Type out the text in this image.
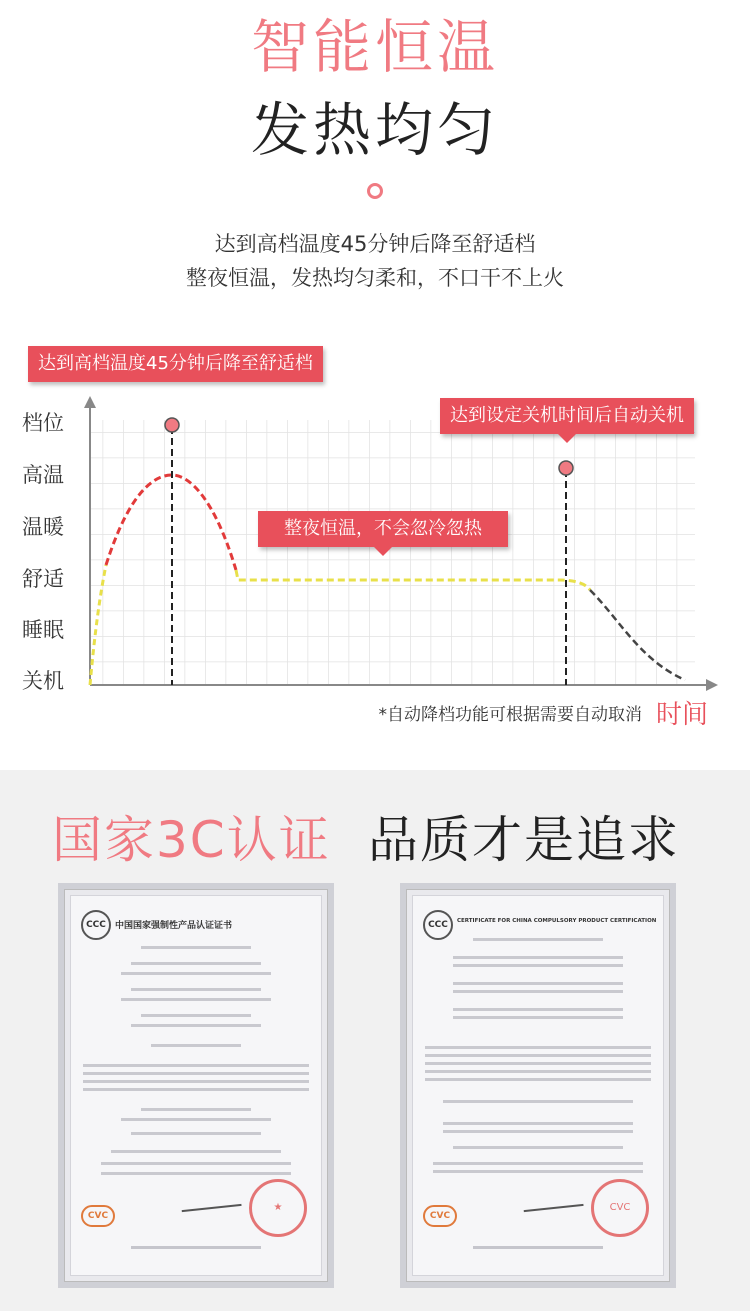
智能恒温
发热均匀
达到高档温度45分钟后降至舒适档
整夜恒温，发热均匀柔和，不口干不上火
档位
高温
温暖
舒适
睡眠
关机
达到高档温度45分钟后降至舒适档
达到设定关机时间后自动关机
整夜恒温，不会忽冷忽热
*自动降档功能可根据需要自动取消 时间
国家3C认证 品质才是追求
CCC	中国国家强制性产品认证证书
CVC
★
CCC	CERTIFICATE FOR CHINA COMPULSORY PRODUCT CERTIFICATION
CVC
CVC
